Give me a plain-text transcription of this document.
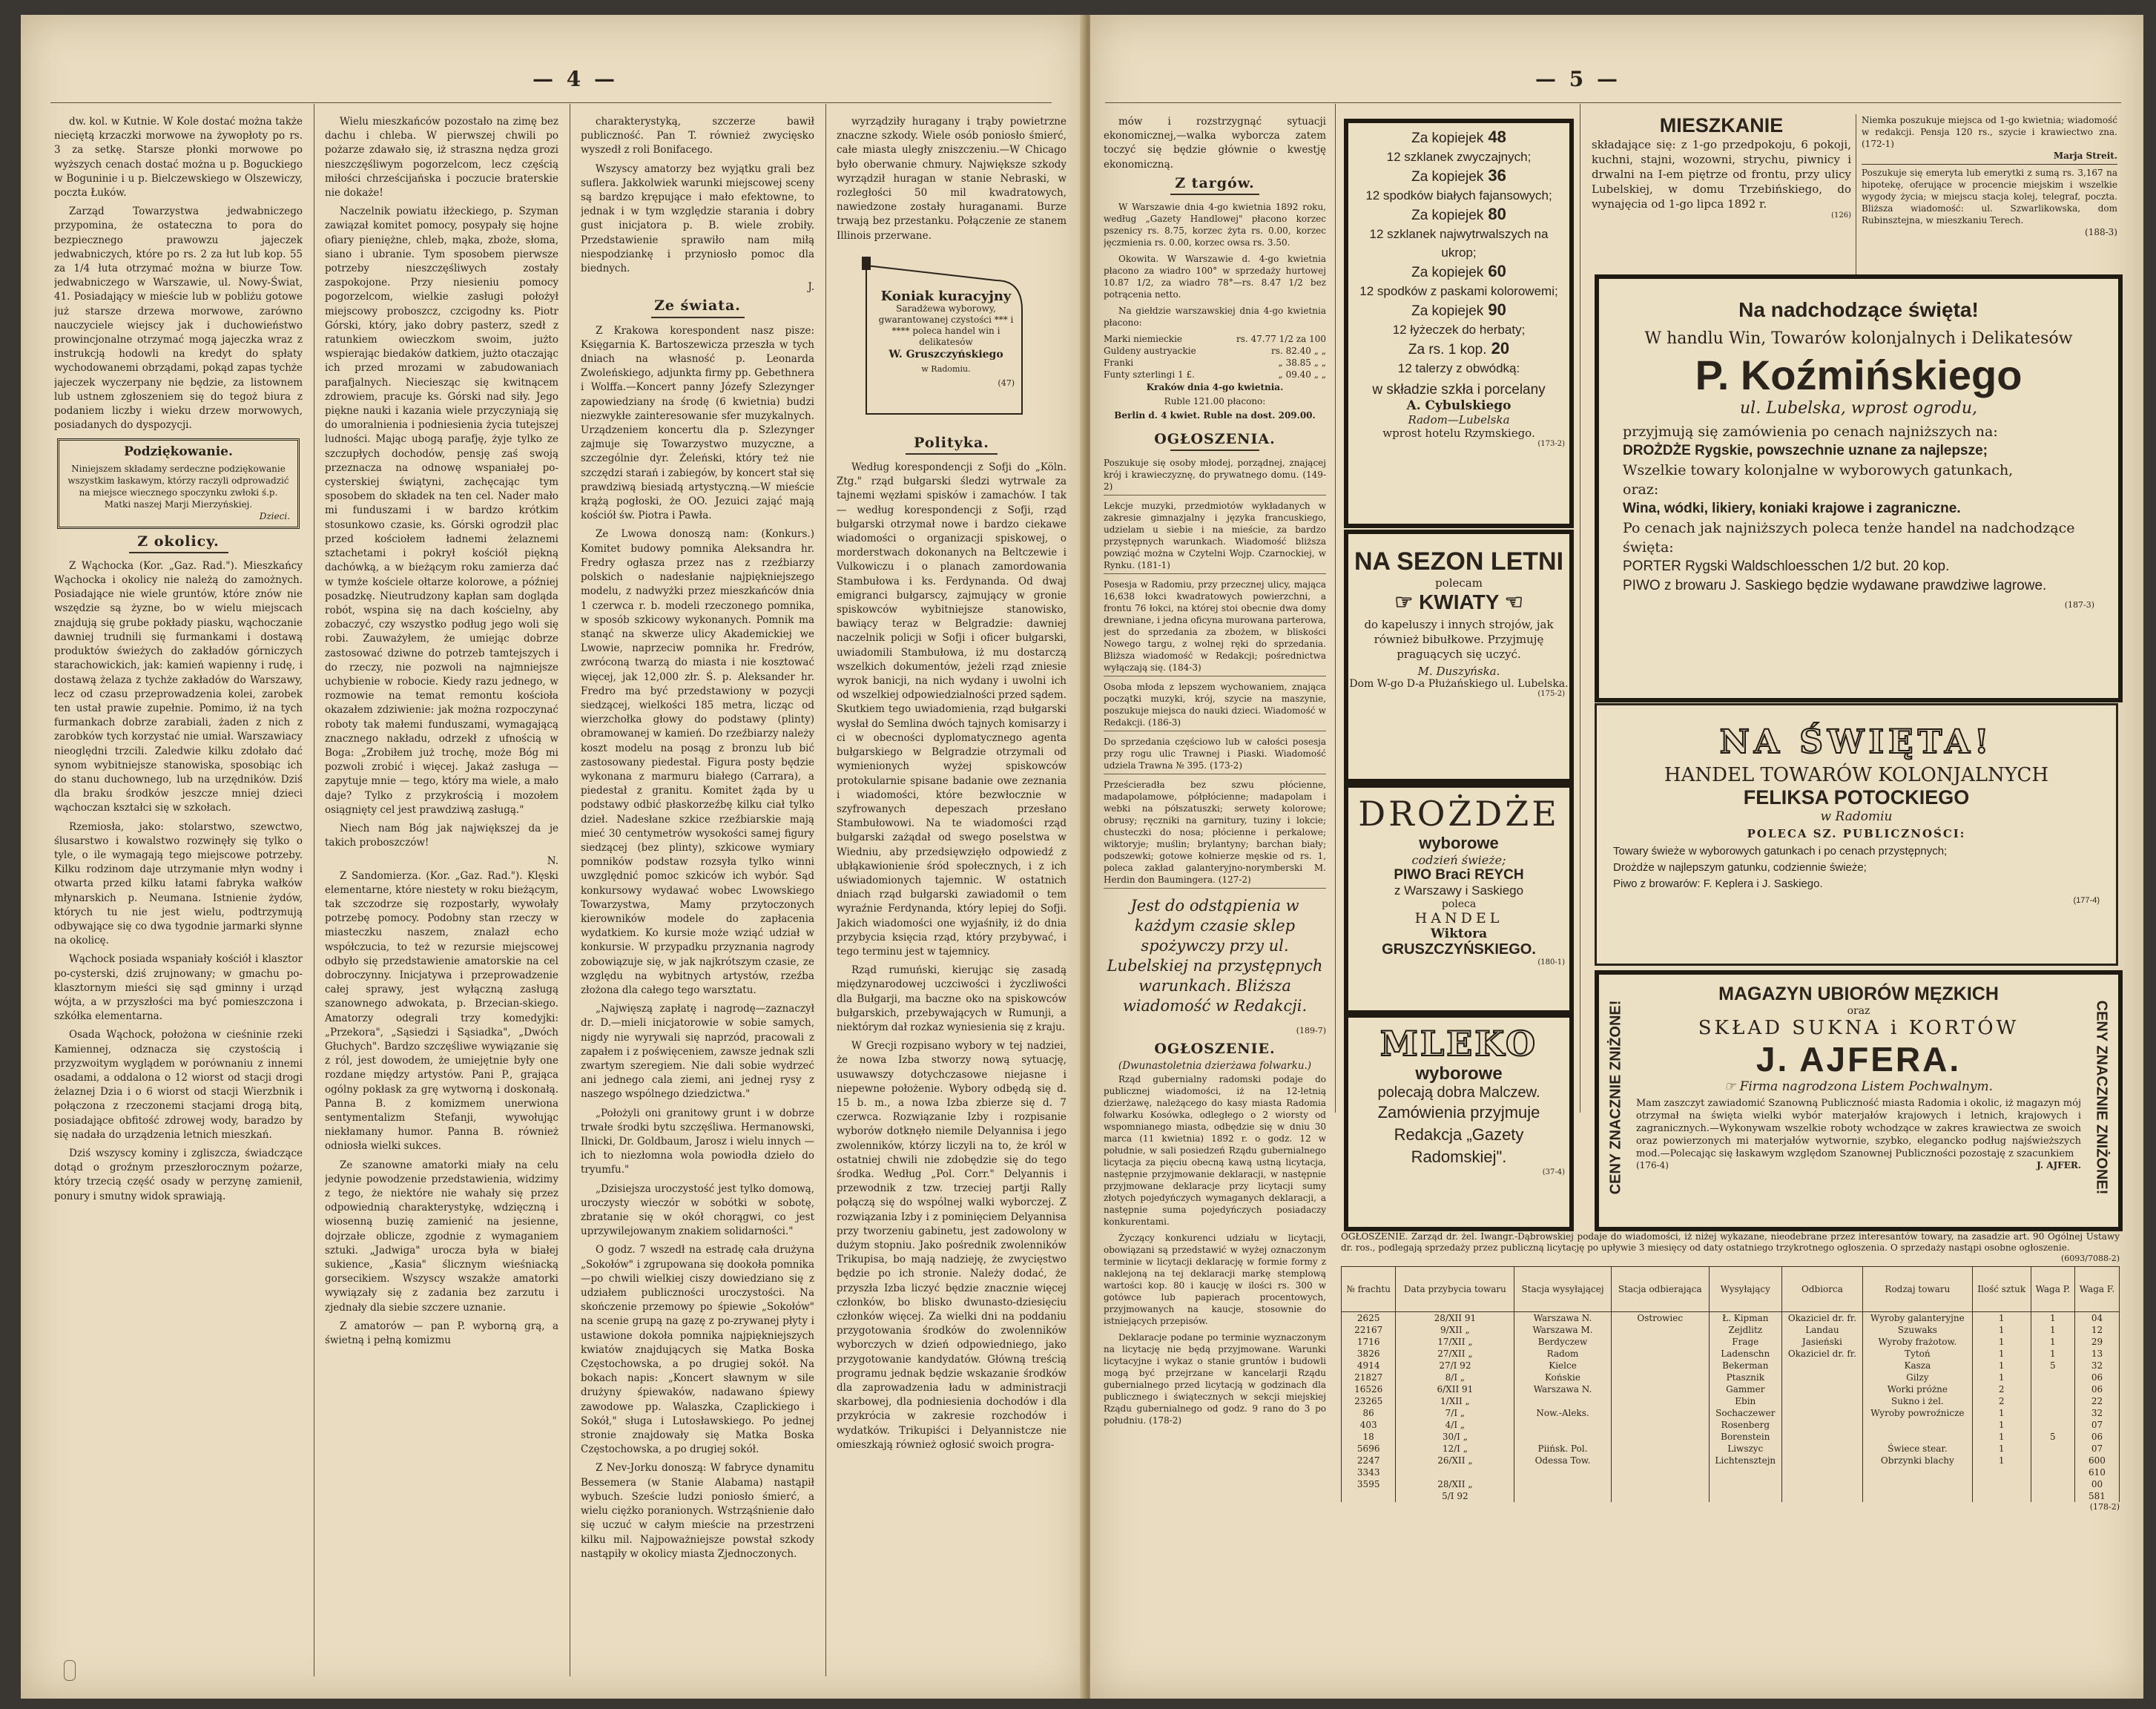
— 4 —

dw. kol. w Kutnie. W Kole dostać można także nieciętą krzaczki morwowe na żywopłoty po rs. 3 za setkę. Starsze płonki morwowe po wyższych cenach dostać można u p. Boguckiego w Boguninie i u p. Bielczewskiego w Olszewiczy, poczta Łuków.

Zarząd Towarzystwa jedwabniczego przypomina, że ostateczna to pora do bezpiecznego prawowzu jajeczek jedwabniczych, które po rs. 2 za łut lub kop. 55 za 1/4 łuta otrzymać można w biurze Tow. jedwabniczego w Warszawie, ul. Nowy-Świat, 41. Posiadający w mieście lub w pobliżu gotowe już starsze drzewa morwowe, zarówno nauczyciele wiejscy jak i duchowieństwo prowincjonalne otrzymać mogą jajeczka wraz z instrukcją hodowli na kredyt do spłaty wychodowanemi obrządami, pokąd zapas tychże jajeczek wyczerpany nie będzie, za listownem lub ustnem zgłoszeniem się do tegoż biura z podaniem liczby i wieku drzew morwowych, posiadanych do dyspozycji.

Podziękowanie.
Niniejszem składamy serdeczne podziękowanie wszystkim łaskawym, którzy raczyli odprowadzić na miejsce wiecznego spoczynku zwłoki ś.p. Matki naszej Marji Mierzyńskiej.
Dzieci.
Z okolicy.

Z Wąchocka (Kor. „Gaz. Rad."). Mieszkańcy Wąchocka i okolicy nie należą do zamożnych. Posiadające nie wiele gruntów, które znów nie wszędzie są żyzne, bo w wielu miejscach znajdują się grube pokłady piasku, wąchoczanie dawniej trudnili się furmankami i dostawą produktów świeżych do zakładów górniczych starachowickich, jak: kamień wapienny i rudę, i dostawą żelaza z tychże zakładów do Warszawy, lecz od czasu przeprowadzenia kolei, zarobek ten ustał prawie zupełnie. Pomimo, iż na tych furmankach dobrze zarabiali, żaden z nich z zarobków tych korzystać nie umiał. Warszawiacy nieoględni trzcili. Zaledwie kilku zdołało dać synom wybitniejsze stanowiska, sposobiąc ich do stanu duchownego, lub na urzędników. Dziś dla braku środków jeszcze mniej dzieci wąchoczan kształci się w szkołach.

Rzemiosła, jako: stolarstwo, szewctwo, ślusarstwo i kowalstwo rozwinęły się tylko o tyle, o ile wymagają tego miejscowe potrzeby. Kilku rodzinom daje utrzymanie młyn wodny i otwarta przed kilku łatami fabryka wałków młynarskich p. Neumana. Istnienie żydów, których tu nie jest wielu, podtrzymują odbywające się co dwa tygodnie jarmarki słynne na okolicę.

Wąchock posiada wspaniały kościół i klasztor po-cysterski, dziś zrujnowany; w gmachu po-klasztornym mieści się sąd gminny i urząd wójta, a w przyszłości ma być pomieszczona i szkółka elementarna.

Osada Wąchock, położona w cieśninie rzeki Kamiennej, odznacza się czystością i przyzwoitym wyglądem w porównaniu z innemi osadami, a oddalona o 12 wiorst od stacji drogi żelaznej Dzia i o 6 wiorst od stacji Wierzbnik i połączona z rzeczonemi stacjami drogą bitą, posiadające obfitość zdrowej wody, baradzo by się nadała do urządzenia letnich mieszkań.

Dziś wszyscy kominy i zgliszcza, świadczące dotąd o groźnym przeszłorocznym pożarze, który trzecią część osady w perzynę zamienił, ponury i smutny widok sprawiają.

Wielu mieszkańców pozostało na zimę bez dachu i chleba. W pierwszej chwili po pożarze zdawało się, iż straszna nędza grozi nieszczęśliwym pogorzelcom, lecz częścią miłości chrześcijańska i poczucie braterskie nie dokaże!

Naczelnik powiatu iłżeckiego, p. Szyman zawiązał komitet pomocy, posypały się hojne ofiary pieniężne, chleb, mąka, zboże, słoma, siano i ubranie. Tym sposobem pierwsze potrzeby nieszczęśliwych zostały zaspokojone. Przy niesieniu pomocy pogorzelcom, wielkie zasługi położył miejscowy proboszcz, czcigodny ks. Piotr Górski, który, jako dobry pasterz, szedł z ratunkiem owieczkom swoim, jużto wspierając biedaków datkiem, jużto otaczając ich przed mrozami w zabudowaniach parafjalnych. Nieciesząc się kwitnącem zdrowiem, pracuje ks. Górski nad siły. Jego piękne nauki i kazania wiele przyczyniają się do umoralnienia i podniesienia życia tutejszej ludności. Mając ubogą parafję, żyje tylko ze szczupłych dochodów, pensję zaś swoją przeznacza na odnowę wspaniałej po-cysterskiej świątyni, zachęcając tym sposobem do składek na ten cel. Nader mało mi funduszami i w bardzo krótkim stosunkowo czasie, ks. Górski ogrodził plac przed kościołem ładnemi żelaznemi sztachetami i pokrył kościół piękną dachówką, a w bieżącym roku zamierza dać w tymże kościele ołtarze kolorowe, a później posadzkę. Nieutrudzony kapłan sam dogląda robót, wspina się na dach kościelny, aby zobaczyć, czy wszystko podług jego woli się robi. Zauważyłem, że umiejąc dobrze zastosować dziwne do potrzeb tamtejszych i do rzeczy, nie pozwoli na najmniejsze uchybienie w robocie. Kiedy razu jednego, w rozmowie na temat remontu kościoła okazałem zdziwienie: jak można rozpoczynać roboty tak małemi funduszami, wymagającą znacznego nakładu, odrzekł z ufnością w Boga: „Zrobiłem już trochę, może Bóg mi pozwoli zrobić i więcej. Jakaż zasługa — zapytuje mnie — tego, który ma wiele, a mało daje? Tylko z przykrością i mozołem osiągnięty cel jest prawdziwą zasługą."

Niech nam Bóg jak największej da je takich proboszczów!

N.

Z Sandomierza. (Kor. „Gaz. Rad."). Klęski elementarne, które niestety w roku bieżącym, tak szczodrze się rozpostarły, wywołały potrzebę pomocy. Podobny stan rzeczy w miasteczku naszem, znalazł echo współczucia, to też w rezursie miejscowej odbyło się przedstawienie amatorskie na cel dobroczynny. Inicjatywa i przeprowadzenie całej sprawy, jest wyłączną zasługą szanownego adwokata, p. Brzecian-skiego. Amatorzy odegrali trzy komedyjki: „Przekora", „Sąsiedzi i Sąsiadka", „Dwóch Głuchych". Bardzo szczęśliwe wywiązanie się z ról, jest dowodem, że umiejętnie były one rozdane między artystów. Pani P., grająca ogólny pokłask za grę wytworną i doskonałą. Panna B. z komizmem unerwiona sentymentalizm Stefanji, wywołując niekłamany humor. Panna B. również odniosła wielki sukces.

Ze szanowne amatorki miały na celu jedynie powodzenie przedstawienia, widzimy z tego, że niektóre nie wahały się przez odpowiednią charakterystykę, wdzięczną i wiosenną buzię zamienić na jesienne, dojrzałe oblicze, zgodnie z wymaganiem sztuki. „Jadwiga" urocza była w białej sukience, „Kasia" ślicznym wieśniacką gorsecikiem. Wszyscy wszakże amatorki wywiązały się z zadania bez zarzutu i zjednały dla siebie szczere uznanie.

Z amatorów — pan P. wyborną grą, a świetną i pełną komizmu

charakterystyką, szczerze bawił publiczność. Pan T. również zwycięsko wyszedł z roli Bonifacego.

Wszyscy amatorzy bez wyjątku grali bez suflera. Jakkolwiek warunki miejscowej sceny są bardzo krępujące i mało efektowne, to jednak i w tym względzie starania i dobry gust inicjatora p. B. wiele zrobiły. Przedstawienie sprawiło nam miłą niespodziankę i przyniosło pomoc dla biednych.

J.
Ze świata.

Z Krakowa korespondent nasz pisze: Księgarnia K. Bartoszewicza przeszła w tych dniach na własność p. Leonarda Zwoleńskiego, adjunkta firmy pp. Gebethnera i Wolffa.—Koncert panny Józefy Szlezynger zapowiedziany na środę (6 kwietnia) budzi niezwykłe zainteresowanie sfer muzykalnych. Urządzeniem koncertu dla p. Szlezynger zajmuje się Towarzystwo muzyczne, a szczególnie dyr. Żeleński, który też nie szczędzi starań i zabiegów, by koncert stał się prawdziwą biesiadą artystyczną.—W mieście krążą pogłoski, że OO. Jezuici zająć mają kościół św. Piotra i Pawła.

Ze Lwowa donoszą nam: (Konkurs.) Komitet budowy pomnika Aleksandra hr. Fredry ogłasza przez nas z rzeźbiarzy polskich o nadesłanie najpiękniejszego modelu, z nadwyżki przez mieszkańców dnia 1 czerwca r. b. modeli rzeczonego pomnika, w sposób szkicowy wykonanych. Pomnik ma stanąć na skwerze ulicy Akademickiej we Lwowie, naprzeciw pomnika hr. Fredrów, zwróconą twarzą do miasta i nie kosztować więcej, jak 12,000 złr. Ś. p. Aleksander hr. Fredro ma być przedstawiony w pozycji siedzącej, wielkości 185 metra, licząc od wierzchołka głowy do podstawy (plinty) obramowanej w kamień. Do rzeźbiarzy należy koszt modelu na posąg z bronzu lub bić zastosowany piedestał. Figura posty będzie wykonana z marmuru białego (Carrara), a piedestał z granitu. Komitet żąda by u podstawy odbić płaskorzeźbę kilku ciał tylko dzieł. Nadesłane szkice rzeźbiarskie mają mieć 30 centymetrów wysokości samej figury siedzącej (bez plinty), szkicowe wymiary pomników podstaw rozsyła tylko winni uwzględnić pomoc szkiców ich wybór. Sąd konkursowy wydawać wobec Lwowskiego Towarzystwa, Mamy przytoczonych kierowników modele do zapłacenia wydatkiem. Ko kursie może wziąć udział w konkursie. W przypadku przyznania nagrody zobowiązuje się, w jak najkrótszym czasie, ze względu na wybitnych artystów, rzeźba złożona dla całego tego warsztatu.

„Najwięszą zapłatę i nagrodę—zaznaczył dr. D.—mieli inicjatorowie w sobie samych, nigdy nie wyrywali się naprzód, pracowali z zapałem i z poświęceniem, zawsze jednak szli zwartym szeregiem. Nie dali sobie wydrzeć ani jednego cala ziemi, ani jednej rysy z naszego wspólnego dziedzictwa."

„Położyli oni granitowy grunt i w dobrze trwałe środki bytu szczęśliwa. Hermanowski, Ilnicki, Dr. Goldbaum, Jarosz i wielu innych — ich to niezłomna wola powiodła dzieło do tryumfu."

„Dzisiejsza uroczystość jest tylko domową, uroczysty wieczór w sobótki w sobotę, zbratanie się w okół chorągwi, co jest uprzywilejowanym znakiem solidarności."

O godz. 7 wszedł na estradę cała drużyna „Sokołów" i zgrupowana się dookoła pomnika—po chwili wielkiej ciszy dowiedziano się z udziałem publiczności uroczystości. Na skończenie przemowy po śpiewie „Sokołów" na scenie grupą na gazę z po-zrywanej płyty i ustawione dokoła pomnika najpiękniejszych kwiatów znajdujących się Matka Boska Częstochowska, a po drugiej sokół. Na bokach napis: „Koncert sławnym w sile drużyny śpiewaków, nadawano śpiewy zawodowe pp. Walaszka, Czaplickiego i Sokół," sługa i Lutosławskiego. Po jednej stronie znajdowały się Matka Boska Częstochowska, a po drugiej sokół.

Z Nev-Jorku donoszą: W fabryce dynamitu Bessemera (w Stanie Alabama) nastąpił wybuch. Szeście ludzi poniosło śmierć, a wielu ciężko poranionych. Wstrząśnienie dało się uczuć w całym mieście na przestrzeni kilku mil. Najpoważniejsze powstał szkody nastąpiły w okolicy miasta Zjednoczonych.

wyrządziły huragany i trąby powietrzne znaczne szkody. Wiele osób poniosło śmierć, całe miasta uległy zniszczeniu.—W Chicago było oberwanie chmury. Największe szkody wyrządził huragan w stanie Nebraski, w rozległości 50 mil kwadratowych, nawiedzone zostały huraganami. Burze trwają bez przestanku. Połączenie ze stanem Illinois przerwane.

Koniak kuracyjny
Saradżewa wyborowy, gwarantowanej czystości *** i **** poleca handel win i delikatesów
W. Gruszczyńskiego
w Radomiu.
(47)
Polityka.

Według korespondencji z Sofji do „Köln. Ztg." rząd bułgarski śledzi wytrwale za tajnemi węzłami spisków i zamachów. I tak — według korespondencji z Sofji, rząd bułgarski otrzymał nowe i bardzo ciekawe wiadomości o organizacji spiskowej, o morderstwach dokonanych na Beltczewie i Vulkowiczu i o planach zamordowania Stambułowa i ks. Ferdynanda. Od dwaj emigranci bułgarscy, zajmujący w gronie spiskowców wybitniejsze stanowisko, bawiący teraz w Belgradzie: dawniej naczelnik policji w Sofji i oficer bułgarski, uwiadomili Stambułowa, iż mu dostarczą wszelkich dokumentów, jeżeli rząd zniesie wyrok banicji, na nich wydany i uwolni ich od wszelkiej odpowiedzialności przed sądem. Skutkiem tego uwiadomienia, rząd bułgarski wysłał do Semlina dwóch tajnych komisarzy i ci w obecności dyplomatycznego agenta bułgarskiego w Belgradzie otrzymali od wymienionych wyżej spiskowców protokularnie spisane badanie owe zeznania i wiadomości, które bezwłocznie w szyfrowanych depeszach przesłano Stambułowowi. Na te wiadomości rząd bułgarski zażądał od swego poselstwa w Wiedniu, aby przedsięwzięło odpowiedź z ubłąkawionienie śród społecznych, i z ich uświadomionych tajemnic. W ostatnich dniach rząd bułgarski zawiadomił o tem wyraźnie Ferdynanda, który lepiej do Sofji. Jakich wiadomości one wyjaśniły, iż do dnia przybycia księcia rząd, który przybywać, i tego terminu jest w tajemnicy.

Rząd rumuński, kierując się zasadą międzynarodowej uczciwości i życzliwości dla Bułgarji, ma baczne oko na spiskowców bułgarskich, przebywających w Rumunji, a niektórym dał rozkaz wyniesienia się z kraju.

W Grecji rozpisano wybory w tej nadziei, że nowa Izba stworzy nową sytuację, usuwawszy dotychczasowe niejasne i niepewne położenie. Wybory odbędą się d. 15 b. m., a nowa Izba zbierze się d. 7 czerwca. Rozwiązanie Izby i rozpisanie wyborów dotknęło niemile Delyannisa i jego zwolenników, którzy liczyli na to, że król w ostatniej chwili nie zdobędzie się do tego środka. Według „Pol. Corr." Delyannis i przewodnik z tzw. trzeciej partji Rally połączą się do wspólnej walki wyborczej. Z rozwiązania Izby i z pominięciem Delyannisa przy tworzeniu gabinetu, jest zadowolony w dużym stopniu. Jako pośrednik zwolenników Trikupisa, bo mają nadzieję, że zwycięstwo będzie po ich stronie. Należy dodać, że przyszła Izba liczyć będzie znacznie więcej członków, bo blisko dwunasto-dziesięciu członków więcej. Za wielki dni na poddaniu przygotowania środków do zwolenników wyborczych w dzień odpowiedniego, jako przygotowanie kandydatów. Główną treścią programu jednak będzie wskazanie środków dla zaprowadzenia ładu w administracji skarbowej, dla podniesienia dochodów i dla przykrócia w zakresie rozchodów i wydatków. Trikupiści i Delyannistcze nie omieszkają również ogłosić swoich progra-

— 5 —

mów i rozstrzygnąć sytuacji ekonomicznej,—walka wyborcza zatem toczyć się będzie głównie o kwestję ekonomiczną.

Z targów.

W Warszawie dnia 4-go kwietnia 1892 roku, według „Gazety Handlowej" płacono korzec pszenicy rs. 8.75, korzec żyta rs. 0.00, korzec jęczmienia rs. 0.00, korzec owsa rs. 3.50.

Okowita. W Warszawie d. 4-go kwietnia płacono za wiadro 100° w sprzedaży hurtowej 10.87 1/2, za wiadro 78°—rs. 8.47 1/2 bez potrącenia netto.

Na giełdzie warszawskiej dnia 4-go kwietnia płacono:

Marki niemieckie	rs. 47.77 1/2 za 100
Guldeny austryackie	rs. 82.40 „ „
Franki	„ 38.85 „ „
Funty szterlingi 1 £.	„ 09.40 „ „
Kraków dnia 4-go kwietnia.
Ruble 121.00 płacono:
Berlin d. 4 kwiet. Ruble na dost. 209.00.
OGŁOSZENIA.

Poszukuje się osoby młodej, porządnej, znającej krój i krawieczyznę, do prywatnego domu. (149-2)

Lekcje muzyki, przedmiotów wykładanych w zakresie gimnazjalny i języka francuskiego, udzielam u siebie i na mieście, za bardzo przystępnych warunkach. Wiadomość bliższa powziąć można w Czytelni Wojp. Czarnockiej, w Rynku. (181-1)

Posesja w Radomiu, przy przecznej ulicy, mająca 16,638 łokci kwadratowych powierzchni, a frontu 76 łokci, na której stoi obecnie dwa domy drewniane, i jedna oficyna murowana parterowa, jest do sprzedania za zbożem, w bliskości Nowego targu, z wolnej ręki do sprzedania. Bliższa wiadomość w Redakcji; pośrednictwa wyłączają się. (184-3)

Osoba młoda z lepszem wychowaniem, znająca początki muzyki, krój, szycie na maszynie, poszukuje miejsca do nauki dzieci. Wiadomość w Redakcji. (186-3)

Do sprzedania częściowo lub w całości posesja przy rogu ulic Trawnej i Piaski. Wiadomość udziela Trawna № 395. (173-2)

Prześcieradła bez szwu płócienne, madapolamowe, półpłócienne; madapolam i webki na półszatuszki; serwety kolorowe; obrusy; ręczniki na garnitury, tuziny i lokcie; chusteczki do nosa; płócienne i perkalowe; wiktoryje; muślin; brylantyny; barchan biały; podszewki; gotowe kołnierze męskie od rs. 1, poleca zakład galanteryjno-norymberski M. Herdin don Baumingera. (127-2)

Jest do odstąpienia w każdym czasie sklep spożywczy przy ul. Lubelskiej na przystępnych warunkach. Bliższa wiadomość w Redakcji.
(189-7)
OGŁOSZENIE.
(Dwunastoletnia dzierżawa folwarku.)

Rząd gubernialny radomski podaje do publicznej wiadomości, iż na 12-letnią dzierżawę, należącego do kasy miasta Radomia folwarku Kosówka, odległego o 2 wiorsty od wspomnianego miasta, odbędzie się w dniu 30 marca (11 kwietnia) 1892 r. o godz. 12 w południe, w sali posiedzeń Rządu gubernialnego licytacja za pięciu obecną kawą ustną licytacja, następnie przyjmowanie deklaracji, w następnie przyjmowane deklaracje przy licytacji sumy złotych pojedyńczych wymaganych deklaracji, a następnie suma pojedyńczych posiadaczy konkurentami.

Życzący konkurenci udziału w licytacji, obowiązani są przedstawić w wyżej oznaczonym terminie w licytacji deklarację w formie formy z naklejoną na tej deklaracji markę stemplową wartości kop. 80 i kaucję w ilości rs. 300 w gotówce lub papierach procentowych, przyjmowanych na kaucje, stosownie do istniejących przepisów.

Deklaracje podane po terminie wyznaczonym na licytację nie będą przyjmowane. Warunki licytacyjne i wykaz o stanie gruntów i budowli mogą być przejrzane w kancelarji Rządu gubernialnego przed licytacją w godzinach dla publicznego i świątecznych w sekcji miejskiej Rządu gubernialnego od godz. 9 rano do 3 po południu. (178-2)

Za kopiejek 48
12 szklanek zwyczajnych;
Za kopiejek 36
12 spodków białych fajansowych;
Za kopiejek 80
12 szklanek najwytrwalszych na ukrop;
Za kopiejek 60
12 spodków z paskami kolorowemi;
Za kopiejek 90
12 łyżeczek do herbaty;
Za rs. 1 kop. 20
12 talerzy z obwódką:
w składzie szkła i porcelany
A. Cybulskiego
Radom—Lubelska
wprost hotelu Rzymskiego.
(173-2)
NA SEZON LETNI
polecam
☞ KWIATY ☜
do kapeluszy i innych strojów, jak również bibułkowe. Przyjmuję praguących się uczyć.
M. Duszyńska.
Dom W-go D-a Płużańskiego ul. Lubelska.
(175-2)
DROŻDŻE
wyborowe
codzień świeże;
PIWO Braci REYCH
z Warszawy i Saskiego
poleca
HANDEL
Wiktora
GRUSZCZYŃSKIEGO.
(180-1)
MLEKO
wyborowe
polecają dobra Malczew.
Zamówienia przyjmuje Redakcja „Gazety Radomskiej".
(37-4)
MIESZKANIE
składające się: z 1-go przedpokoju, 6 pokoji, kuchni, stajni, wozowni, strychu, piwnicy i drwalni na I-em piętrze od frontu, przy ulicy Lubelskiej, w domu Trzebińskiego, do wynajęcia od 1-go lipca 1892 r.
(126)
Niemka poszukuje miejsca od 1-go kwietnia; wiadomość w redakcji. Pensja 120 rs., szycie i krawiectwo zna. (172-1)
Marja Streit.
Poszukuje się emeryta lub emerytki z sumą rs. 3,167 na hipotekę, oferujące w procencie miejskim i wszelkie wygody życia; w miejscu stacja kolej, telegraf, poczta. Bliższa wiadomość: ul. Szwarlikowska, dom Rubinsztejna, w mieszkaniu Terech.
(188-3)
Na nadchodzące święta!
W handlu Win, Towarów kolonjalnych i Delikatesów
P. Koźmińskiego
ul. Lubelska, wprost ogrodu,
przyjmują się zamówienia po cenach najniższych na:
DROŻDŻE Rygskie, powszechnie uznane za najlepsze;
Wszelkie towary kolonjalne w wyborowych gatunkach,
oraz:
Wina, wódki, likiery, koniaki krajowe i zagraniczne.
Po cenach jak najniższych poleca tenże handel na nadchodzące święta:
PORTER Rygski Waldschloesschen 1/2 but. 20 kop.
PIWO z browaru J. Saskiego będzie wydawane prawdziwe lagrowe.
(187-3)
NA ŚWIĘTA!
HANDEL TOWARÓW KOLONJALNYCH
FELIKSA POTOCKIEGO
w Radomiu
POLECA SZ. PUBLICZNOŚCI:
Towary świeże w wyborowych gatunkach i po cenach przystępnych;
Drożdże w najlepszym gatunku, codziennie świeże;
Piwo z browarów: F. Keplera i J. Saskiego.
(177-4)
CENY ZNACZNIE ZNIŻONE!	CENY ZNACZNIE ZNIŻONE!
MAGAZYN UBIORÓW MĘZKICH
oraz
SKŁAD SUKNA i KORTÓW
J. AJFERA.
☞ Firma nagrodzona Listem Pochwalnym.
Mam zaszczyt zawiadomić Szanowną Publiczność miasta Radomia i okolic, iż magazyn mój otrzymał na święta wielki wybór materjałów krajowych i letnich, krajowych i zagranicznych.—Wykonywam wszelkie roboty wchodzące w zakres krawiectwa ze swoich oraz powierzonych mi materjałów wytwornie, szybko, elegancko podług najświeższych mod.—Polecając się łaskawym względom Szanownej Publiczności pozostaję z szacunkiem
(176-4)	J. AJFER.
OGŁOSZENIE. Zarząd dr. żel. Iwangr.-Dąbrowskiej podaje do wiadomości, iż niżej wykazane, nieodebrane przez interesantów towary, na zasadzie art. 90 Ogólnej Ustawy dr. ros., podlegają sprzedaży przez publiczną licytację po upływie 3 miesięcy od daty ostatniego trzykrotnego ogłoszenia. O sprzedaży nastąpi osobne ogłoszenie.
(6093/7088-2)
№ frachtu	Data przybycia towaru	Stacja wysyłającej	Stacja odbierająca	Wysyłający	Odbiorca	Rodzaj towaru	Ilość sztuk	Waga P.	Waga F.
2625	28/XII 91	Warszawa N.	Ostrowiec	Ł. Kipman	Okaziciel dr. fr.	Wyroby galanteryjne	1	1	04
22167	9/XII „	Warszawa M.		Zejdlitz	Landau	Szuwaks	1	1	12
1716	17/XII „	Berdyczew		Frage	Jasieński	Wyroby frażotow.	1	1	29
3826	27/XII „	Radom		Ladenschn	Okaziciel dr. fr.	Tytoń	1	1	13
4914	27/I 92	Kielce		Bekerman		Kasza	1	5	32
21827	8/I „	Końskie		Ptasznik		Gilzy	1		06
16526	6/XII 91	Warszawa N.		Gammer		Worki próżne	2		06
23265	1/XII „			Ebin		Sukno i żel.	2		22
86	7/I „	Now.-Aleks.		Sochaczewer		Wyroby powroźnicze	1		32
403	4/I „			Rosenberg			1		07
18	30/I „			Borenstein			1	5	06
5696	12/I „	Piińsk. Pol.		Liwszyc		Świece stear.	1		07
2247	26/XII „	Odessa Tow.		Lichtensztejn		Obrzynki blachy	1		600
3343									610
3595	28/XII „								00
	5/I 92								581
(178-2)
